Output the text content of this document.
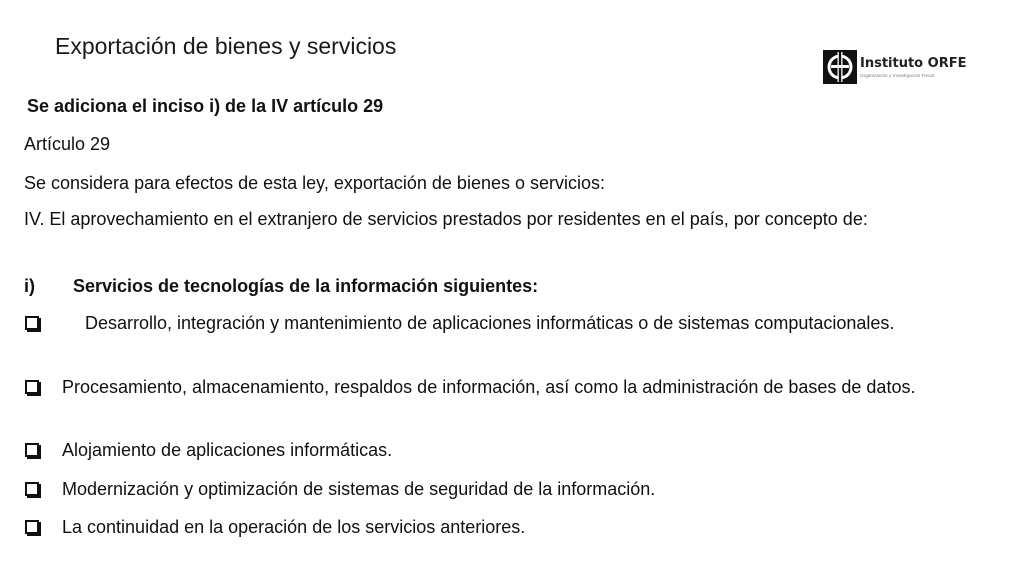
Exportación de bienes y servicios
Instituto ORFE
Organización y Investigación Fiscal
Se adiciona el inciso i) de la IV artículo 29
Artículo 29
Se considera para efectos de esta ley, exportación de bienes o servicios:
IV. El aprovechamiento en el extranjero de servicios prestados por residentes en el país, por concepto de:
i) Servicios de tecnologías de la información siguientes:
Desarrollo, integración y mantenimiento de aplicaciones informáticas o de sistemas computacionales.
Procesamiento, almacenamiento, respaldos de información, así como la administración de bases de datos.
Alojamiento de aplicaciones informáticas.
Modernización y optimización de sistemas de seguridad de la información.
La continuidad en la operación de los servicios anteriores.
